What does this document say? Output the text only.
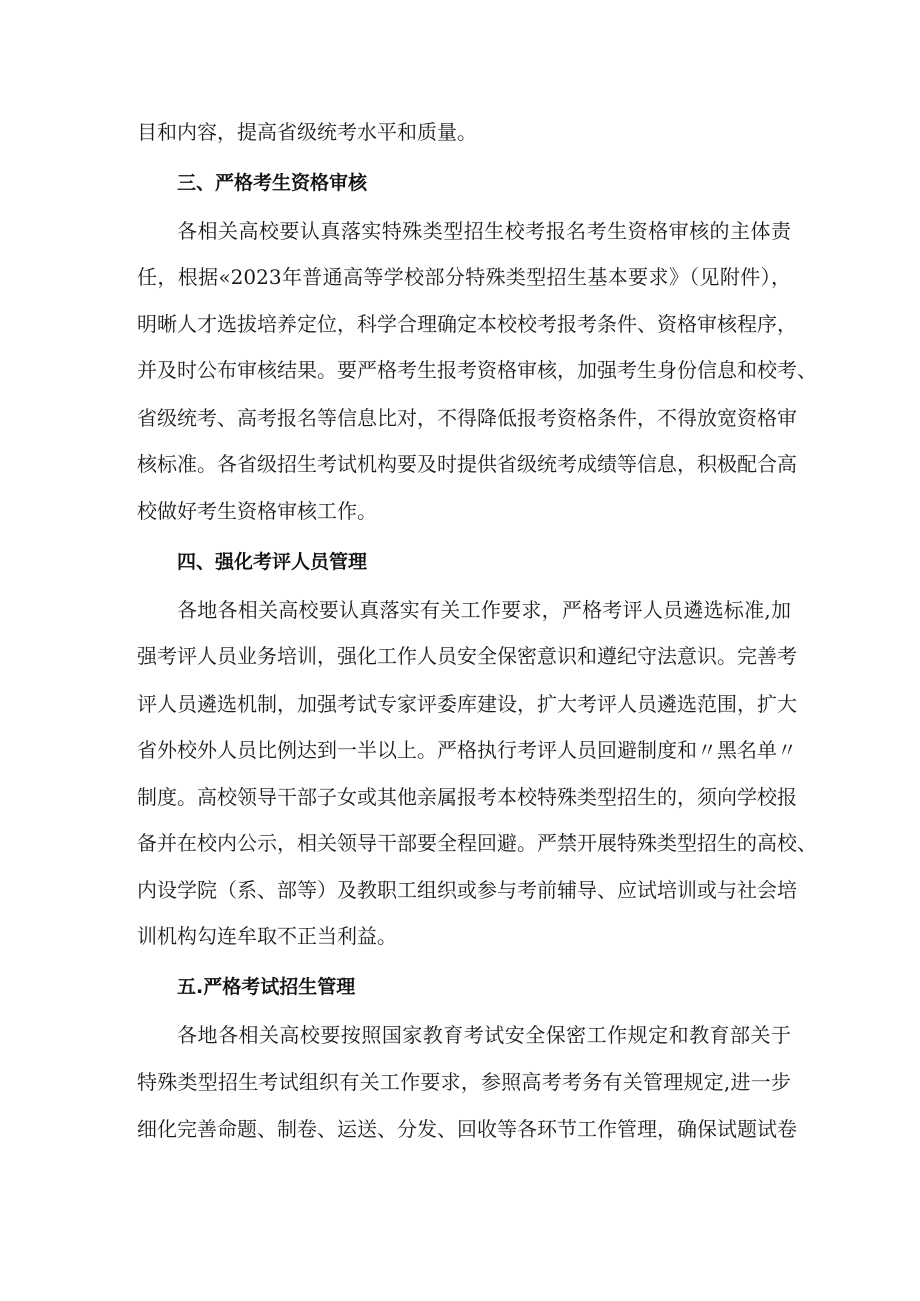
目和内容，提高省级统考水平和质量。

三、严格考生资格审核

各相关高校要认真落实特殊类型招生校考报名考生资格审核的主体责

任，根据«2023年普通高等学校部分特殊类型招生基本要求》（见附件），

明晰人才选拔培养定位，科学合理确定本校校考报考条件、资格审核程序，

并及时公布审核结果。要严格考生报考资格审核，加强考生身份信息和校考、

省级统考、高考报名等信息比对，不得降低报考资格条件，不得放宽资格审

核标准。各省级招生考试机构要及时提供省级统考成绩等信息，积极配合高

校做好考生资格审核工作。

四、强化考评人员管理

各地各相关高校要认真落实有关工作要求，严格考评人员遴选标准,加

强考评人员业务培训，强化工作人员安全保密意识和遵纪守法意识。完善考

评人员遴选机制，加强考试专家评委库建设，扩大考评人员遴选范围，扩大

省外校外人员比例达到一半以上。严格执行考评人员回避制度和〃黑名单〃

制度。高校领导干部子女或其他亲属报考本校特殊类型招生的，须向学校报

备并在校内公示，相关领导干部要全程回避。严禁开展特殊类型招生的高校、

内设学院（系、部等）及教职工组织或参与考前辅导、应试培训或与社会培

训机构勾连牟取不正当利益。

五.严格考试招生管理

各地各相关高校要按照国家教育考试安全保密工作规定和教育部关于

特殊类型招生考试组织有关工作要求，参照高考考务有关管理规定,进一步

细化完善命题、制卷、运送、分发、回收等各环节工作管理，确保试题试卷
